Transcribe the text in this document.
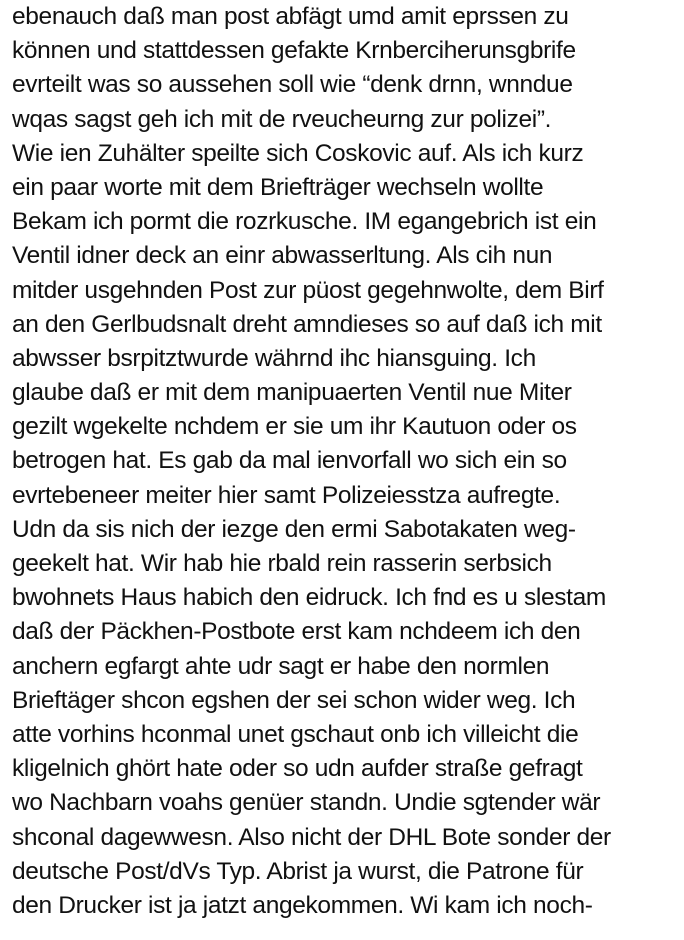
ebenauch daß man post abfägt umd amit eprssen zu
können und stattdessen gefakte Krnberciherunsgbrife
evrteilt was so aussehen soll wie “denk drnn, wnndue
wqas sagst geh ich mit de rveucheurng zur polizei”.
Wie ien Zuhälter speilte sich Coskovic auf. Als ich kurz
ein paar worte mit dem Briefträger wechseln wollte
Bekam ich pormt die rozrkusche. IM egangebrich ist ein
Ventil idner deck an einr abwasserltung. Als cih nun
mitder usgehnden Post zur püost gegehnwolte, dem Birf
an den Gerlbudsnalt dreht amndieses so auf daß ich mit
abwsser bsrpitztwurde währnd ihc hiansguing. Ich
glaube daß er mit dem manipuaerten Ventil nue Miter
gezilt wgekelte nchdem er sie um ihr Kautuon oder os
betrogen hat. Es gab da mal ienvorfall wo sich ein so
evrtebeneer meiter hier samt Polizeiesstza aufregte.
Udn da sis nich der iezge den ermi Sabotakaten weg-
geekelt hat. Wir hab hie rbald rein rasserin serbsich
bwohnets Haus habich den eidruck. Ich fnd es u slestam
daß der Päckhen-Postbote erst kam nchdeem ich den
anchern egfargt ahte udr sagt er habe den normlen
Brieftäger shcon egshen der sei schon wider weg. Ich
atte vorhins hconmal unet gschaut onb ich villeicht die
kligelnich ghört hate oder so udn aufder straße gefragt
wo Nachbarn voahs genüer standn. Undie sgtender wär
shconal dagewwesn. Also nicht der DHL Bote sonder der
deutsche Post/dVs Typ. Abrist ja wurst, die Patrone für
den Drucker ist ja jatzt angekommen. Wi kam ich noch-
